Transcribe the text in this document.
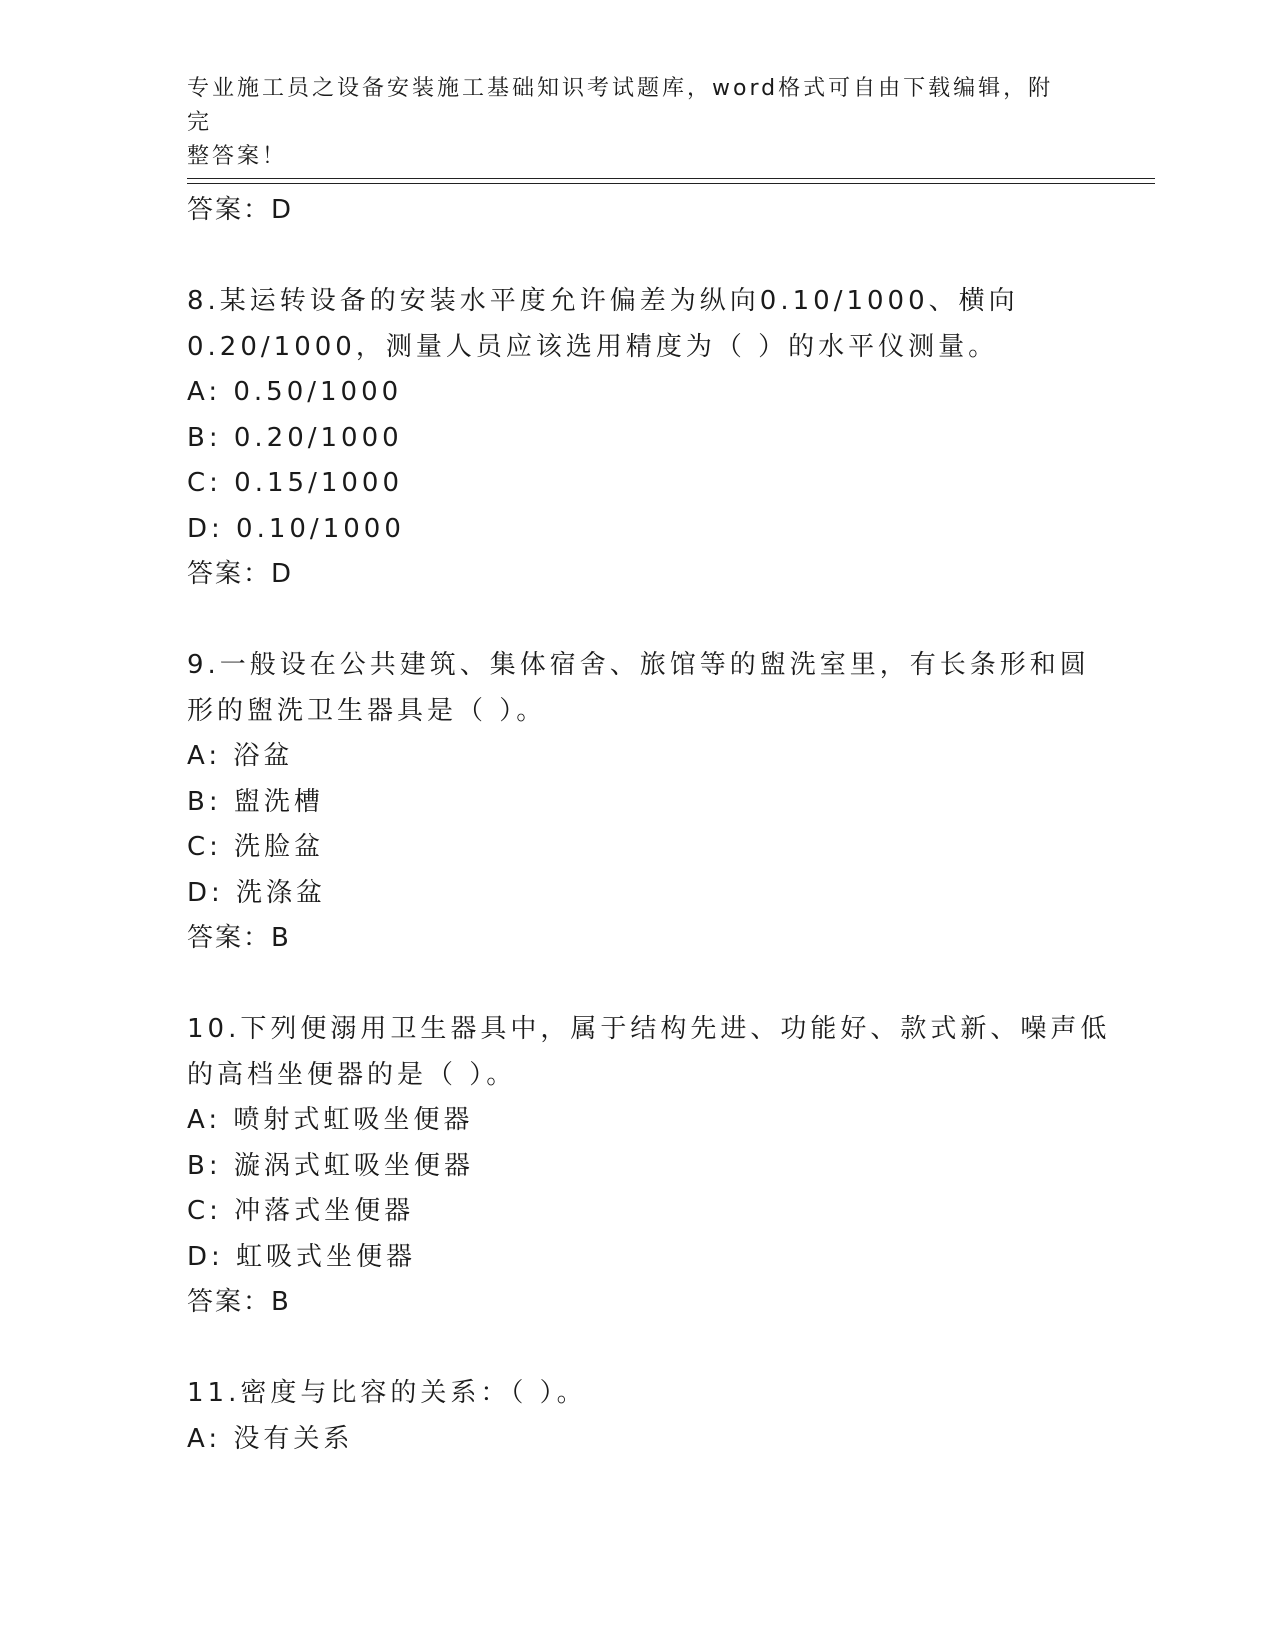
专业施工员之设备安装施工基础知识考试题库，word格式可自由下载编辑，附完
整答案！
答案：D
8.某运转设备的安装水平度允许偏差为纵向0.10/1000、横向
0.20/1000，测量人员应该选用精度为（ ）的水平仪测量。
A: 0.50/1000
B: 0.20/1000
C: 0.15/1000
D: 0.10/1000
答案：D
9.一般设在公共建筑、集体宿舍、旅馆等的盥洗室里，有长条形和圆
形的盥洗卫生器具是（ ）。
A: 浴盆
B: 盥洗槽
C: 洗脸盆
D: 洗涤盆
答案：B
10.下列便溺用卫生器具中，属于结构先进、功能好、款式新、噪声低
的高档坐便器的是（ ）。
A: 喷射式虹吸坐便器
B: 漩涡式虹吸坐便器
C: 冲落式坐便器
D: 虹吸式坐便器
答案：B
11.密度与比容的关系：（ ）。
A: 没有关系
